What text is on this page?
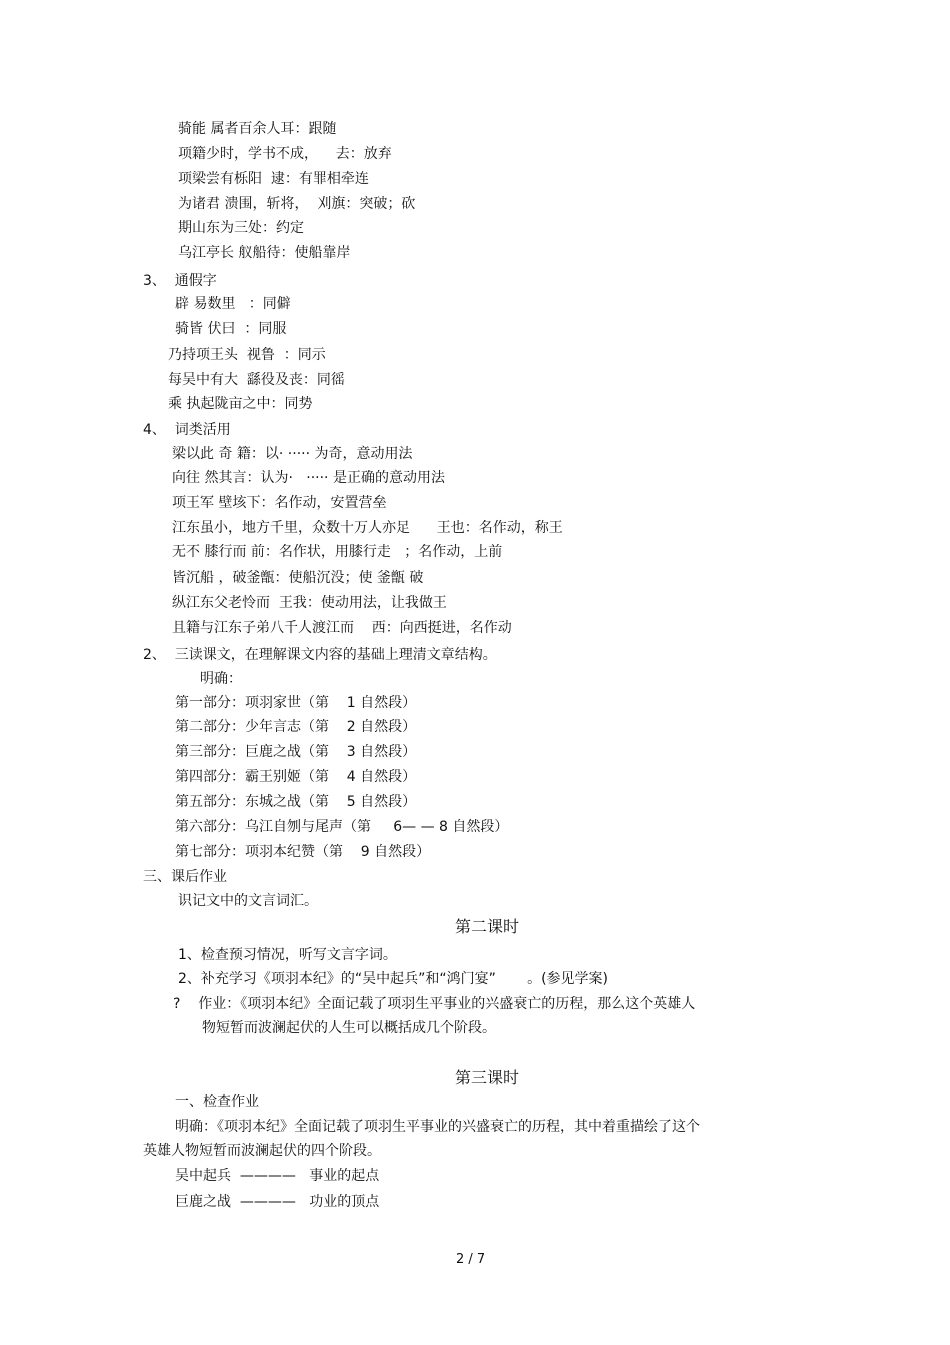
骑能 属者百余人耳：跟随
项籍少时，学书不成，    去：放弃
项梁尝有栎阳  逮：有罪相牵连
为诸君 溃围，斩将，  刈旗：突破；砍
期山东为三处：约定
乌江亭长 舣船待：使船靠岸
3、  通假字
辟 易数里   ：同僻
骑皆 伏曰  ：同服
乃持项王头  视鲁  ：同示
每吴中有大  繇役及丧：同徭
乘 执起陇亩之中：同势
4、  词类活用
梁以此 奇 籍：以· ····· 为奇，意动用法
向往 然其言：认为·   ····· 是正确的意动用法
项王军 壁垓下：名作动，安置营垒
江东虽小，地方千里，众数十万人亦足      王也：名作动，称王
无不 膝行而 前：名作状，用膝行走   ；名作动，上前
皆沉船 ，破釜甑：使船沉没；使 釜甑 破
纵江东父老怜而  王我：使动用法，让我做王
且籍与江东子弟八千人渡江而    西：向西挺进，名作动
2、  三读课文，在理解课文内容的基础上理清文章结构。
明确：
第一部分：项羽家世（第    1 自然段）
第二部分：少年言志（第    2 自然段）
第三部分：巨鹿之战（第    3 自然段）
第四部分：霸王别姬（第    4 自然段）
第五部分：东城之战（第    5 自然段）
第六部分：乌江自刎与尾声（第     6— — 8 自然段）
第七部分：项羽本纪赞（第    9 自然段）
三、课后作业
识记文中的文言词汇。
第二课时
1、检查预习情况，听写文言字词。
2、补充学习《项羽本纪》的“吴中起兵”和“鸿门宴”       。(参见学案)
?    作业：《项羽本纪》全面记载了项羽生平事业的兴盛衰亡的历程，那么这个英雄人
物短暂而波澜起伏的人生可以概括成几个阶段。
第三课时
一、检查作业
明确：《项羽本纪》全面记载了项羽生平事业的兴盛衰亡的历程，其中着重描绘了这个
英雄人物短暂而波澜起伏的四个阶段。
吴中起兵  ————   事业的起点
巨鹿之战  ————   功业的顶点
2 / 7
